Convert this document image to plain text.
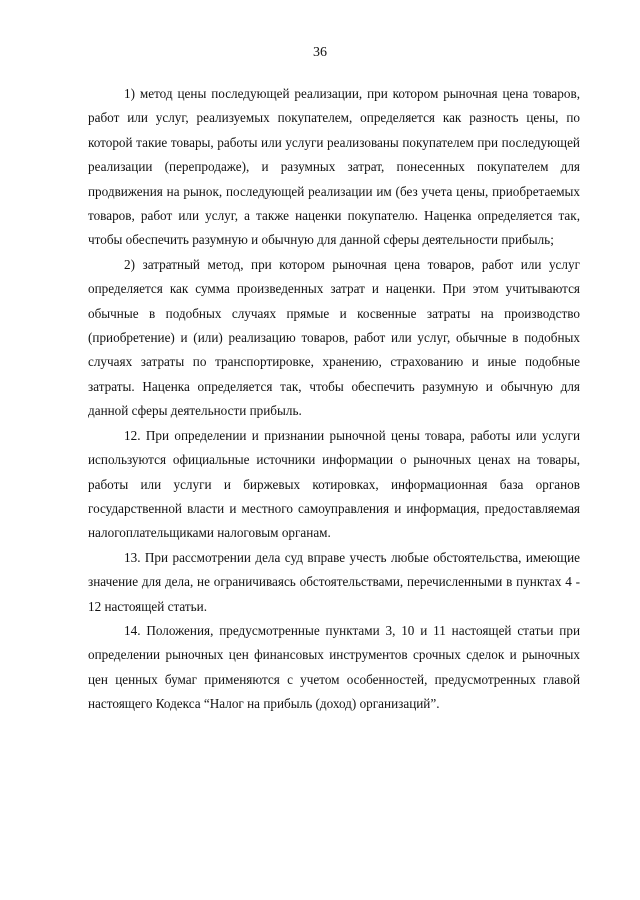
36

1) метод цены последующей реализации, при котором рыночная цена товаров, работ или услуг, реализуемых покупателем, определяется как разность цены, по которой такие товары, работы или услуги реализованы покупателем при последующей реализации (перепродаже), и разумных затрат, понесенных покупателем для продвижения на рынок, последующей реализации им (без учета цены, приобретаемых товаров, работ или услуг, а также наценки покупателю. Наценка определяется так, чтобы обеспечить разумную и обычную для данной сферы деятельности прибыль;

2) затратный метод, при котором рыночная цена товаров, работ или услуг определяется как сумма произведенных затрат и наценки. При этом учитываются обычные в подобных случаях прямые и косвенные затраты на производство (приобретение) и (или) реализацию товаров, работ или услуг, обычные в подобных случаях затраты по транспортировке, хранению, страхованию и иные подобные затраты. Наценка определяется так, чтобы обеспечить разумную и обычную для данной сферы деятельности прибыль.

12. При определении и признании рыночной цены товара, работы или услуги используются официальные источники информации о рыночных ценах на товары, работы или услуги и биржевых котировках, информационная база органов государственной власти и местного самоуправления и информация, предоставляемая налогоплательщиками налоговым органам.

13. При рассмотрении дела суд вправе учесть любые обстоятельства, имеющие значение для дела, не ограничиваясь обстоятельствами, перечисленными в пунктах 4 - 12 настоящей статьи.

14. Положения, предусмотренные пунктами 3, 10 и 11 настоящей статьи при определении рыночных цен финансовых инструментов срочных сделок и рыночных цен ценных бумаг применяются с учетом особенностей, предусмотренных главой настоящего Кодекса “Налог на прибыль (доход) организаций”.
